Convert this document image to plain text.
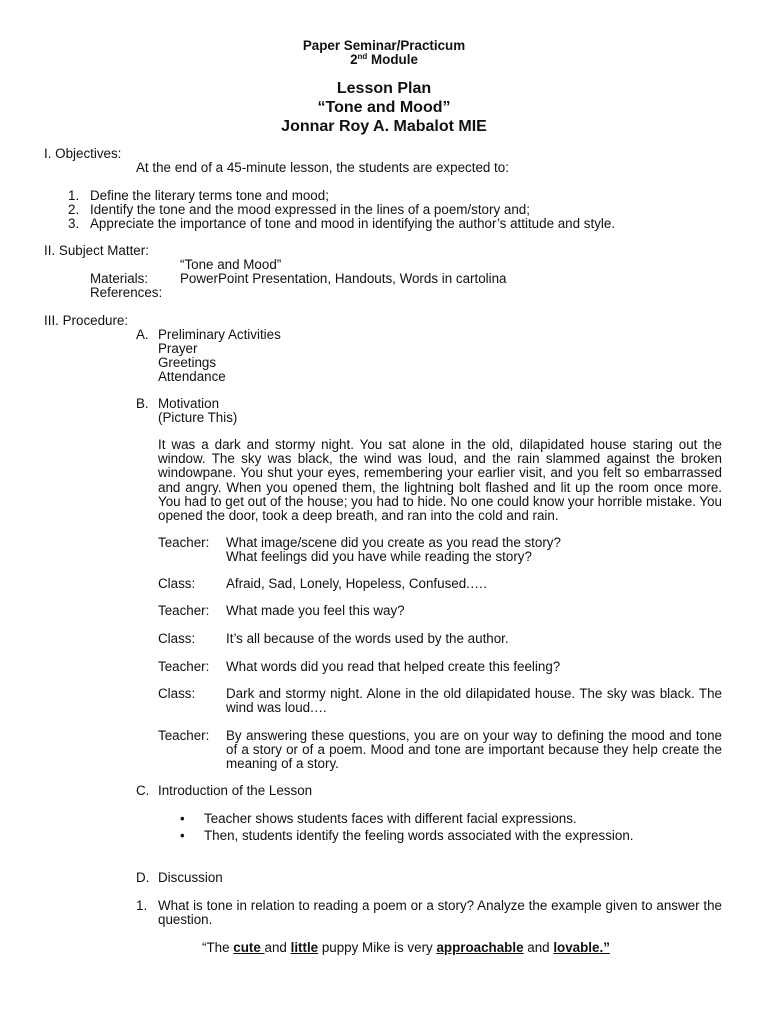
Paper Seminar/Practicum
2nd Module
Lesson Plan
“Tone and Mood”
Jonnar Roy A. Mabalot MIE
I. Objectives:
At the end of a 45-minute lesson, the students are expected to:
1. Define the literary terms tone and mood;
2. Identify the tone and the mood expressed in the lines of a poem/story and;
3. Appreciate the importance of tone and mood in identifying the author’s attitude and style.
II. Subject Matter:
“Tone and Mood”
Materials: PowerPoint Presentation, Handouts, Words in cartolina
References:
III. Procedure:
A. Preliminary Activities
Prayer
Greetings
Attendance
B. Motivation
(Picture This)
It was a dark and stormy night. You sat alone in the old, dilapidated house staring out the window. The sky was black, the wind was loud, and the rain slammed against the broken windowpane. You shut your eyes, remembering your earlier visit, and you felt so embarrassed and angry. When you opened them, the lightning bolt flashed and lit up the room once more. You had to get out of the house; you had to hide. No one could know your horrible mistake. You opened the door, took a deep breath, and ran into the cold and rain.
Teacher: What image/scene did you create as you read the story?
What feelings did you have while reading the story?
Class: Afraid, Sad, Lonely, Hopeless, Confused.….
Teacher: What made you feel this way?
Class: It’s all because of the words used by the author.
Teacher: What words did you read that helped create this feeling?
Class: Dark and stormy night. Alone in the old dilapidated house. The sky was black. The wind was loud.…
Teacher: By answering these questions, you are on your way to defining the mood and tone of a story or of a poem. Mood and tone are important because they help create the meaning of a story.
C. Introduction of the Lesson
• Teacher shows students faces with different facial expressions.
• Then, students identify the feeling words associated with the expression.
D. Discussion
1. What is tone in relation to reading a poem or a story? Analyze the example given to answer the question.
“The cute and little puppy Mike is very approachable and lovable.”
